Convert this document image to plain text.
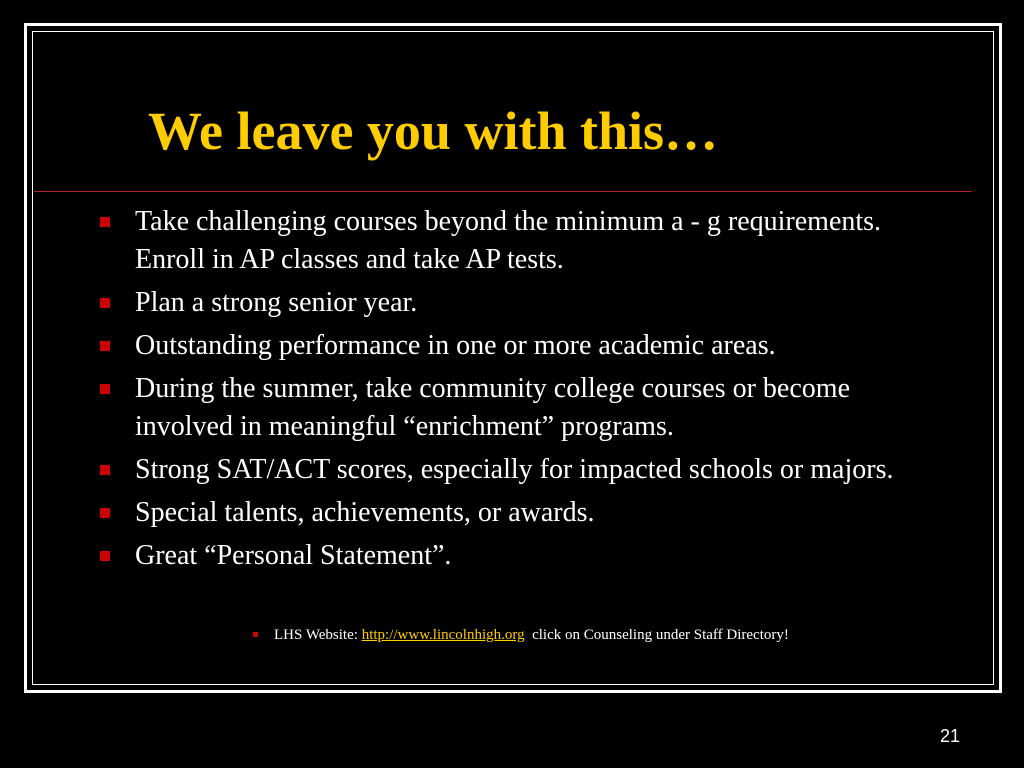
We leave you with this…
Take challenging courses beyond the minimum a - g requirements. Enroll in AP classes and take AP tests.
Plan a strong senior year.
Outstanding performance in one or more academic areas.
During the summer, take community college courses or become involved in meaningful “enrichment” programs.
Strong SAT/ACT scores, especially for impacted schools or majors.
Special talents, achievements, or awards.
Great “Personal Statement”.
LHS Website: http://www.lincolnhigh.org  click on Counseling under Staff Directory!
21
